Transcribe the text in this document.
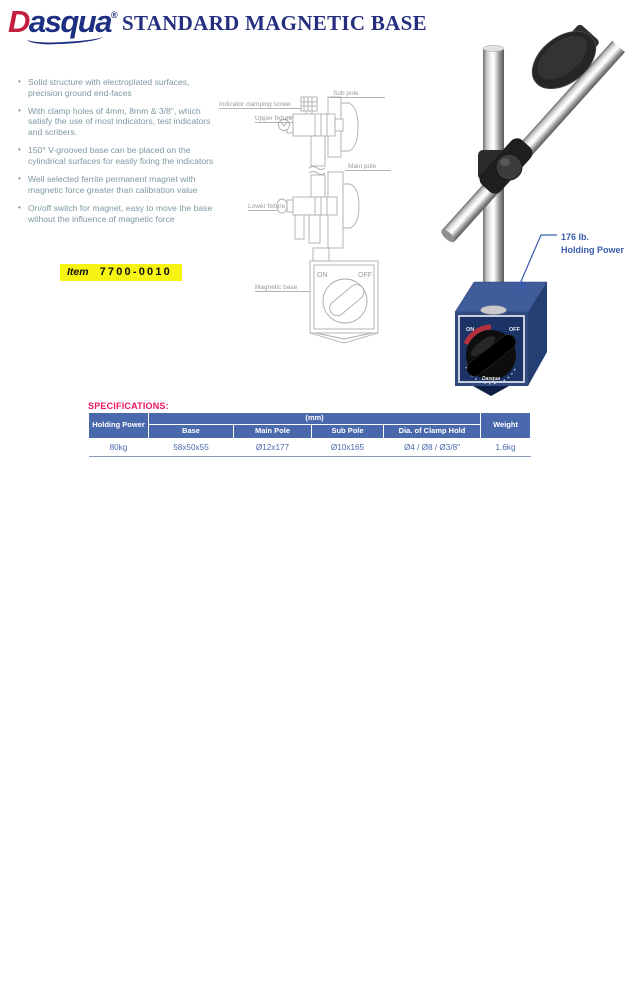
Dasqua® STANDARD MAGNETIC BASE
• Solid structure with electroplated surfaces, precision ground end-faces
• With clamp holes of 4mm, 8mm & 3/8", which satisfy the use of most indicators, test indicators and scribers.
• 150° V-grooved base can be placed on the cylindrical surfaces for easily fixing the indicators
• Well selected ferrite permanent magnet with magnetic force greater than calibration value
• On/off switch for magnet, easy to move the base without the influence of magnetic force
Item 7700-0010
Sub pole
Indicator clamping screw
Upper fixture
Main pole
Lower fixture
Magnetic base
ON	OFF
ON	OFF
Dasqua
176 lb.
Holding Power
SPECIFICATIONS:
Holding Power	(mm)				Weight
	Base	Main Pole	Sub Pole	Dia. of Clamp Hold	
80kg	58x50x55	Ø12x177	Ø10x165	Ø4 / Ø8 / Ø3/8"	1.6kg
